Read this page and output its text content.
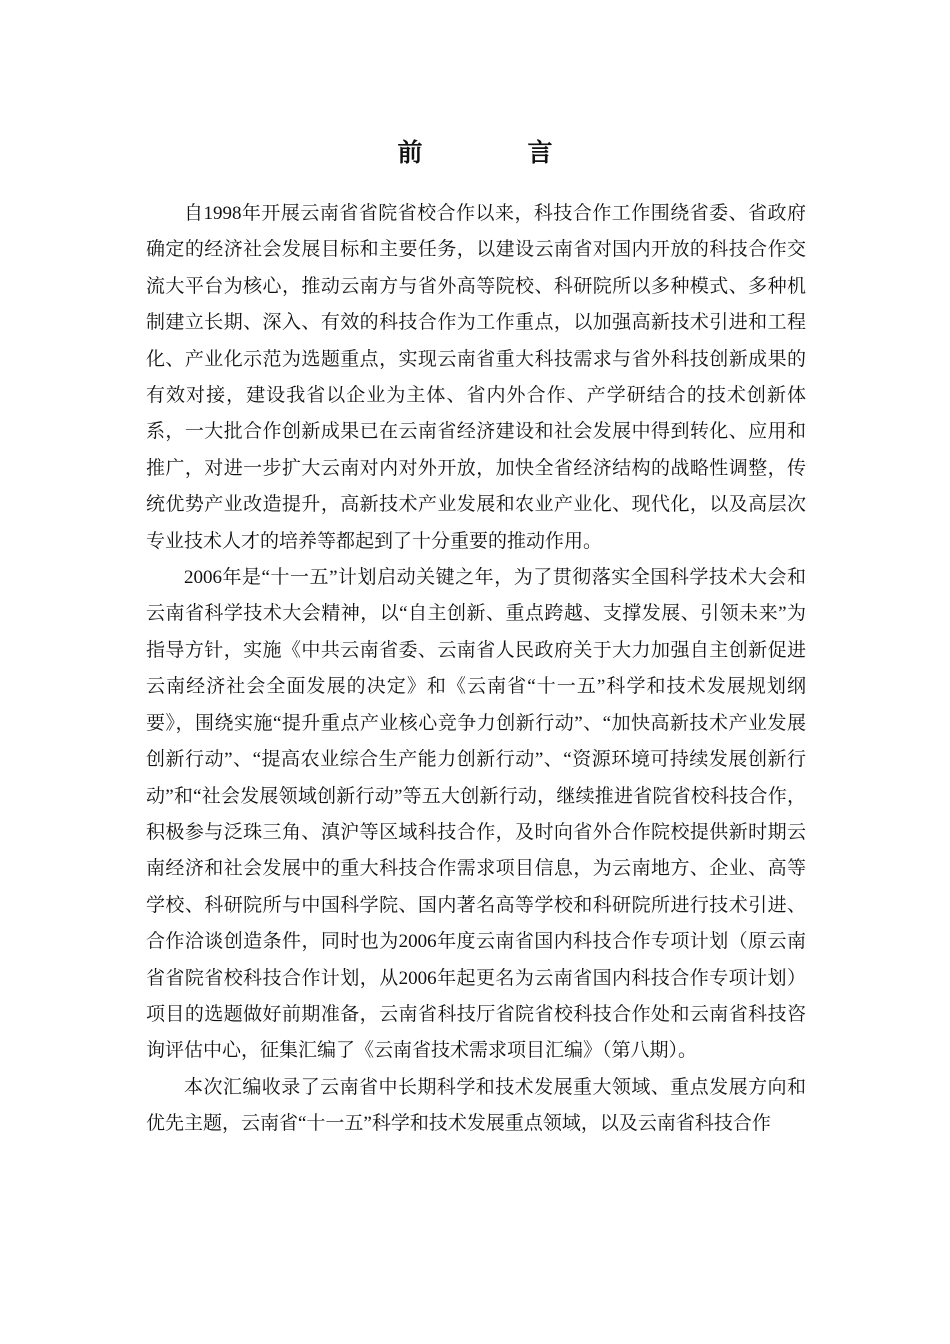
前　言

自1998年开展云南省省院省校合作以来，科技合作工作围绕省委、省政府确定的经济社会发展目标和主要任务，以建设云南省对国内开放的科技合作交流大平台为核心，推动云南方与省外高等院校、科研院所以多种模式、多种机制建立长期、深入、有效的科技合作为工作重点，以加强高新技术引进和工程化、产业化示范为选题重点，实现云南省重大科技需求与省外科技创新成果的有效对接，建设我省以企业为主体、省内外合作、产学研结合的技术创新体系，一大批合作创新成果已在云南省经济建设和社会发展中得到转化、应用和推广，对进一步扩大云南对内对外开放，加快全省经济结构的战略性调整，传统优势产业改造提升，高新技术产业发展和农业产业化、现代化，以及高层次专业技术人才的培养等都起到了十分重要的推动作用。

2006年是“十一五”计划启动关键之年，为了贯彻落实全国科学技术大会和云南省科学技术大会精神，以“自主创新、重点跨越、支撑发展、引领未来”为指导方针，实施《中共云南省委、云南省人民政府关于大力加强自主创新促进云南经济社会全面发展的决定》和《云南省“十一五”科学和技术发展规划纲要》，围绕实施“提升重点产业核心竞争力创新行动”、“加快高新技术产业发展创新行动”、“提高农业综合生产能力创新行动”、“资源环境可持续发展创新行动”和“社会发展领域创新行动”等五大创新行动，继续推进省院省校科技合作，积极参与泛珠三角、滇沪等区域科技合作，及时向省外合作院校提供新时期云南经济和社会发展中的重大科技合作需求项目信息，为云南地方、企业、高等学校、科研院所与中国科学院、国内著名高等学校和科研院所进行技术引进、合作洽谈创造条件，同时也为2006年度云南省国内科技合作专项计划（原云南省省院省校科技合作计划，从2006年起更名为云南省国内科技合作专项计划）项目的选题做好前期准备，云南省科技厅省院省校科技合作处和云南省科技咨询评估中心，征集汇编了《云南省技术需求项目汇编》（第八期）。

本次汇编收录了云南省中长期科学和技术发展重大领域、重点发展方向和优先主题，云南省“十一五”科学和技术发展重点领域，以及云南省科技合作
